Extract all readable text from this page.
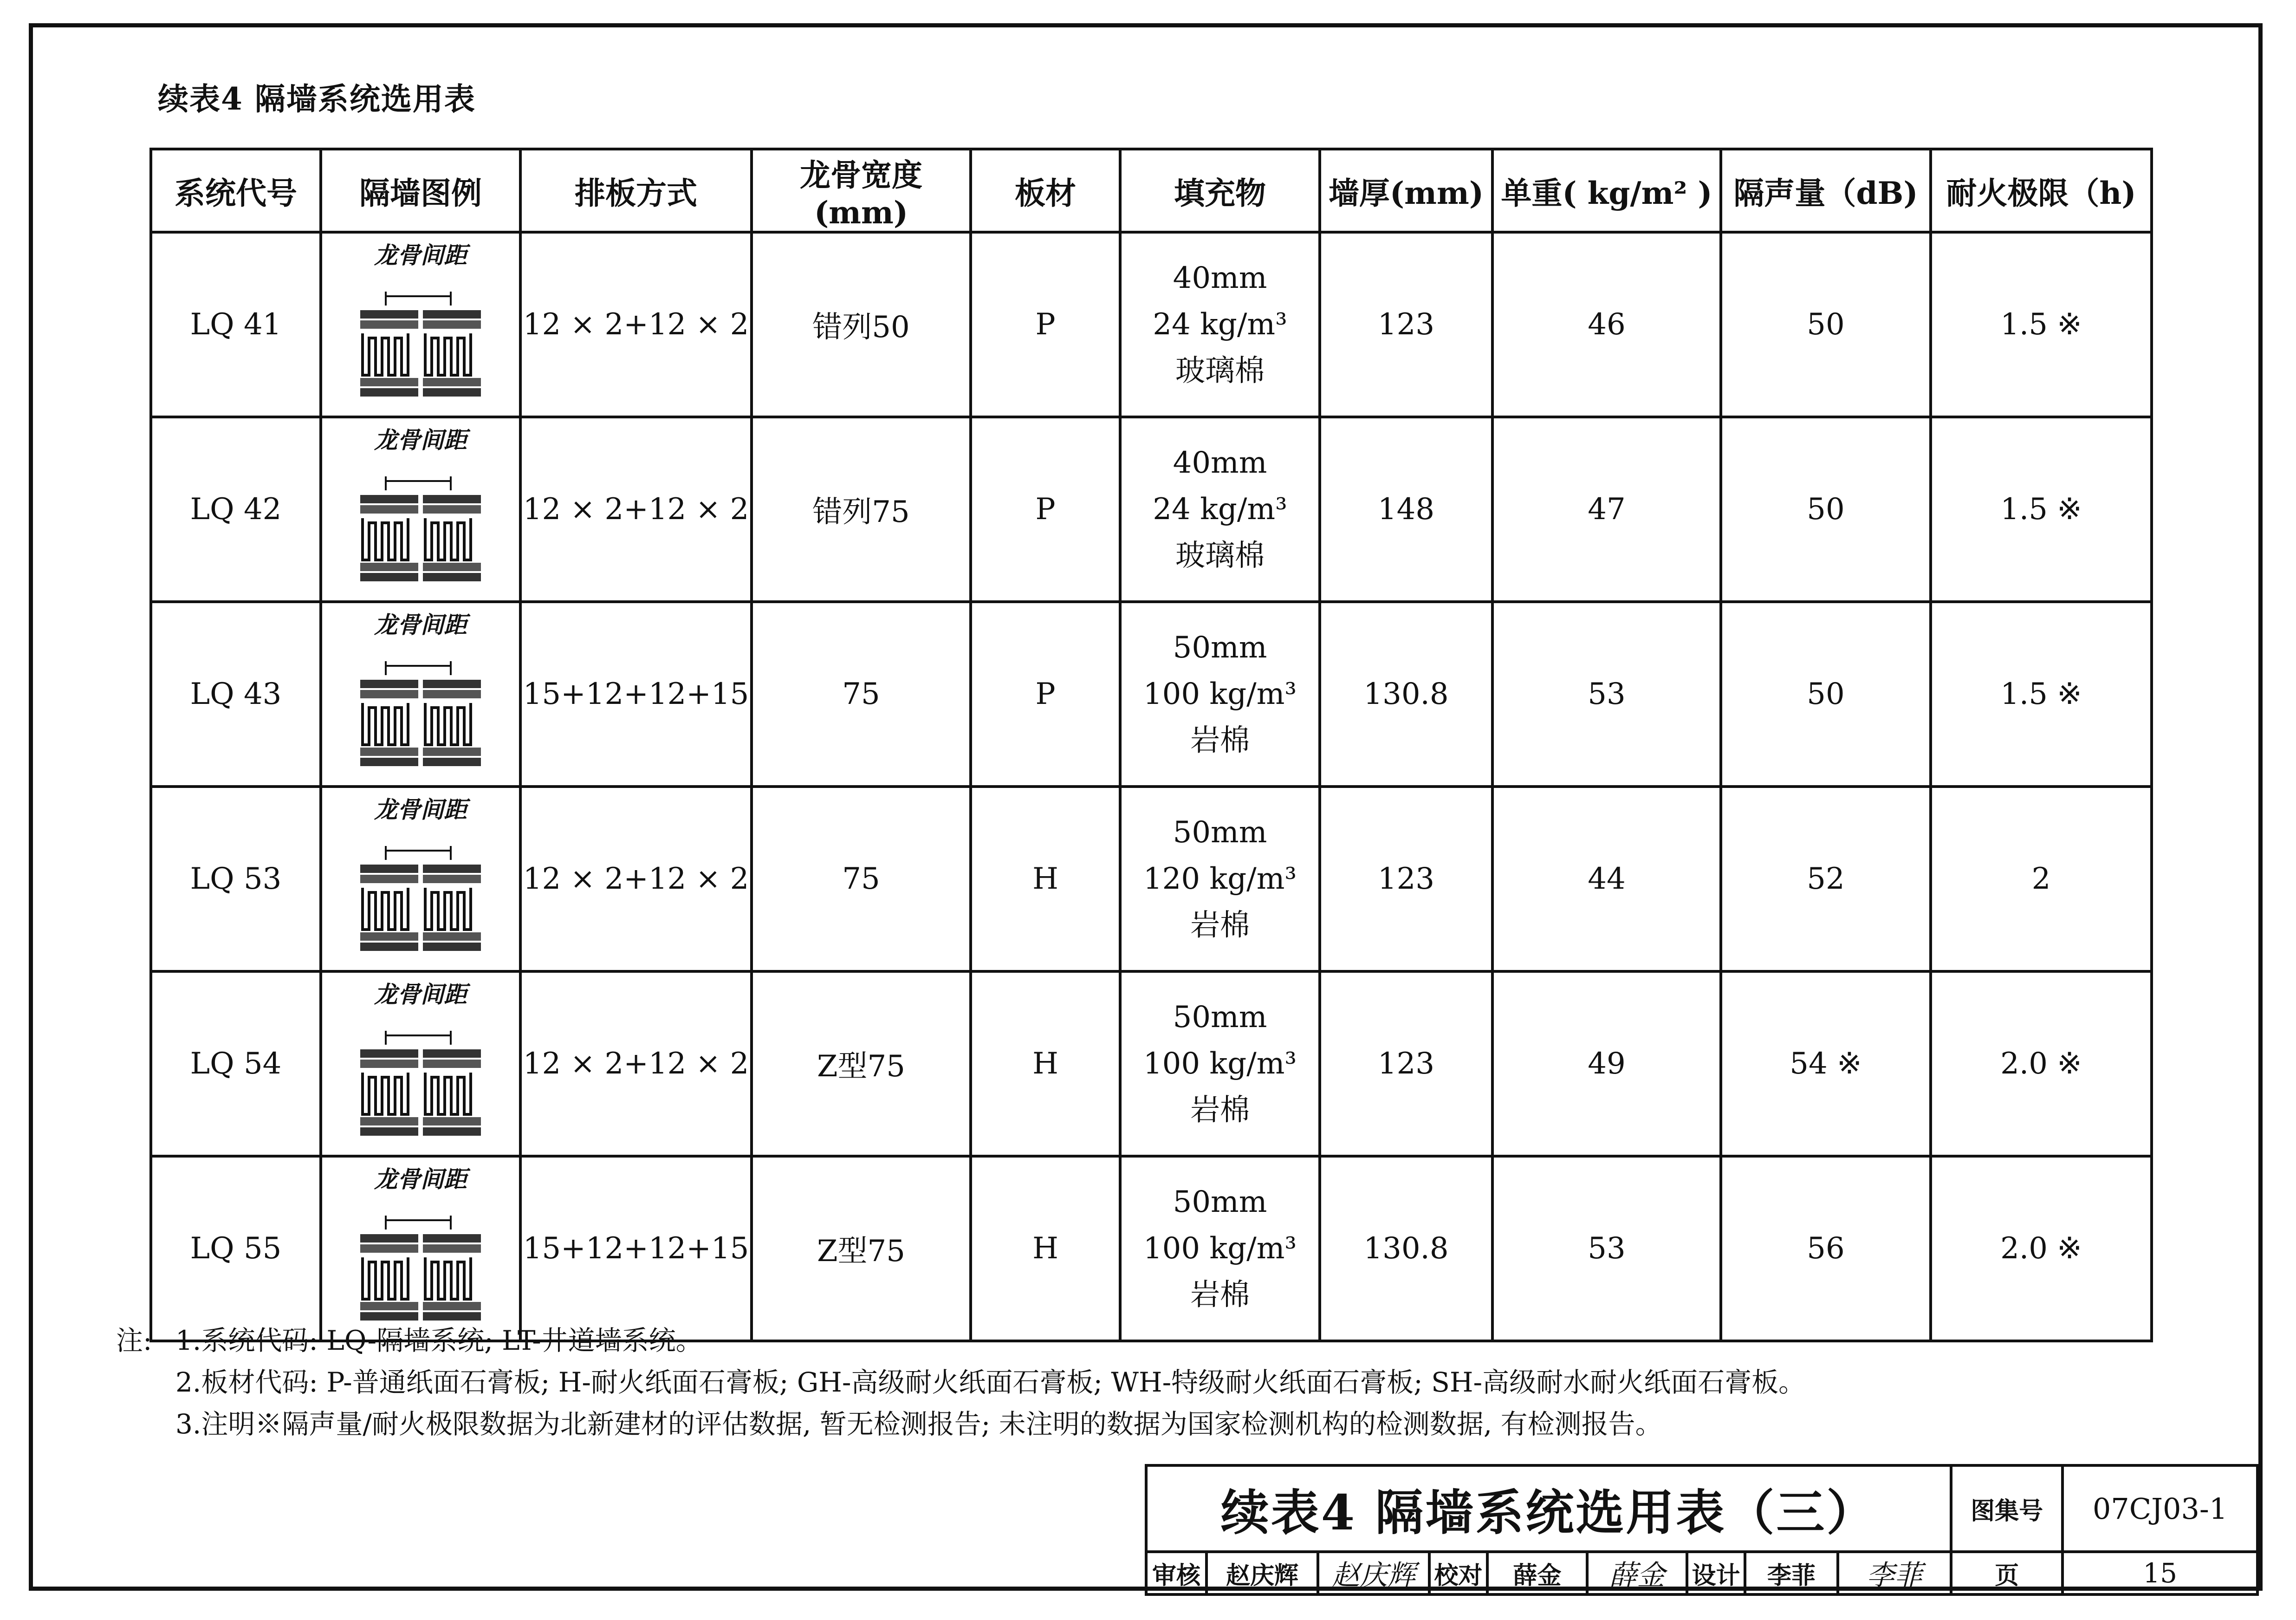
续表4 隔墙系统选用表
系统代号	隔墙图例	排板方式	龙骨宽度(mm)	板材	填充物	墙厚(mm)	单重( kg/m² )	隔声量（dB)	耐火极限（h)
LQ 41	龙骨间距	12 × 2+12 × 2	错列50	P	40mm
24 kg/m³
玻璃棉	123	46	50	1.5 ※
LQ 42	龙骨间距	12 × 2+12 × 2	错列75	P	40mm
24 kg/m³
玻璃棉	148	47	50	1.5 ※
LQ 43	龙骨间距	15+12+12+15	75	P	50mm
100 kg/m³
岩棉	130.8	53	50	1.5 ※
LQ 53	龙骨间距	12 × 2+12 × 2	75	H	50mm
120 kg/m³
岩棉	123	44	52	2
LQ 54	龙骨间距	12 × 2+12 × 2	Z型75	H	50mm
100 kg/m³
岩棉	123	49	54 ※	2.0 ※
LQ 55	龙骨间距	15+12+12+15	Z型75	H	50mm
100 kg/m³
岩棉	130.8	53	56	2.0 ※
注: 1.系统代码: LQ-隔墙系统; LT-井道墙系统。
2.板材代码: P-普通纸面石膏板; H-耐火纸面石膏板; GH-高级耐火纸面石膏板; WH-特级耐火纸面石膏板; SH-高级耐水耐火纸面石膏板。
3.注明※隔声量/耐火极限数据为北新建材的评估数据, 暂无检测报告; 未注明的数据为国家检测机构的检测数据, 有检测报告。
续表4 隔墙系统选用表（三）									图集号	07CJ03-1
审核	赵庆辉	赵庆辉	校对	薛金	薛金	设计	李菲	李菲	页	15
